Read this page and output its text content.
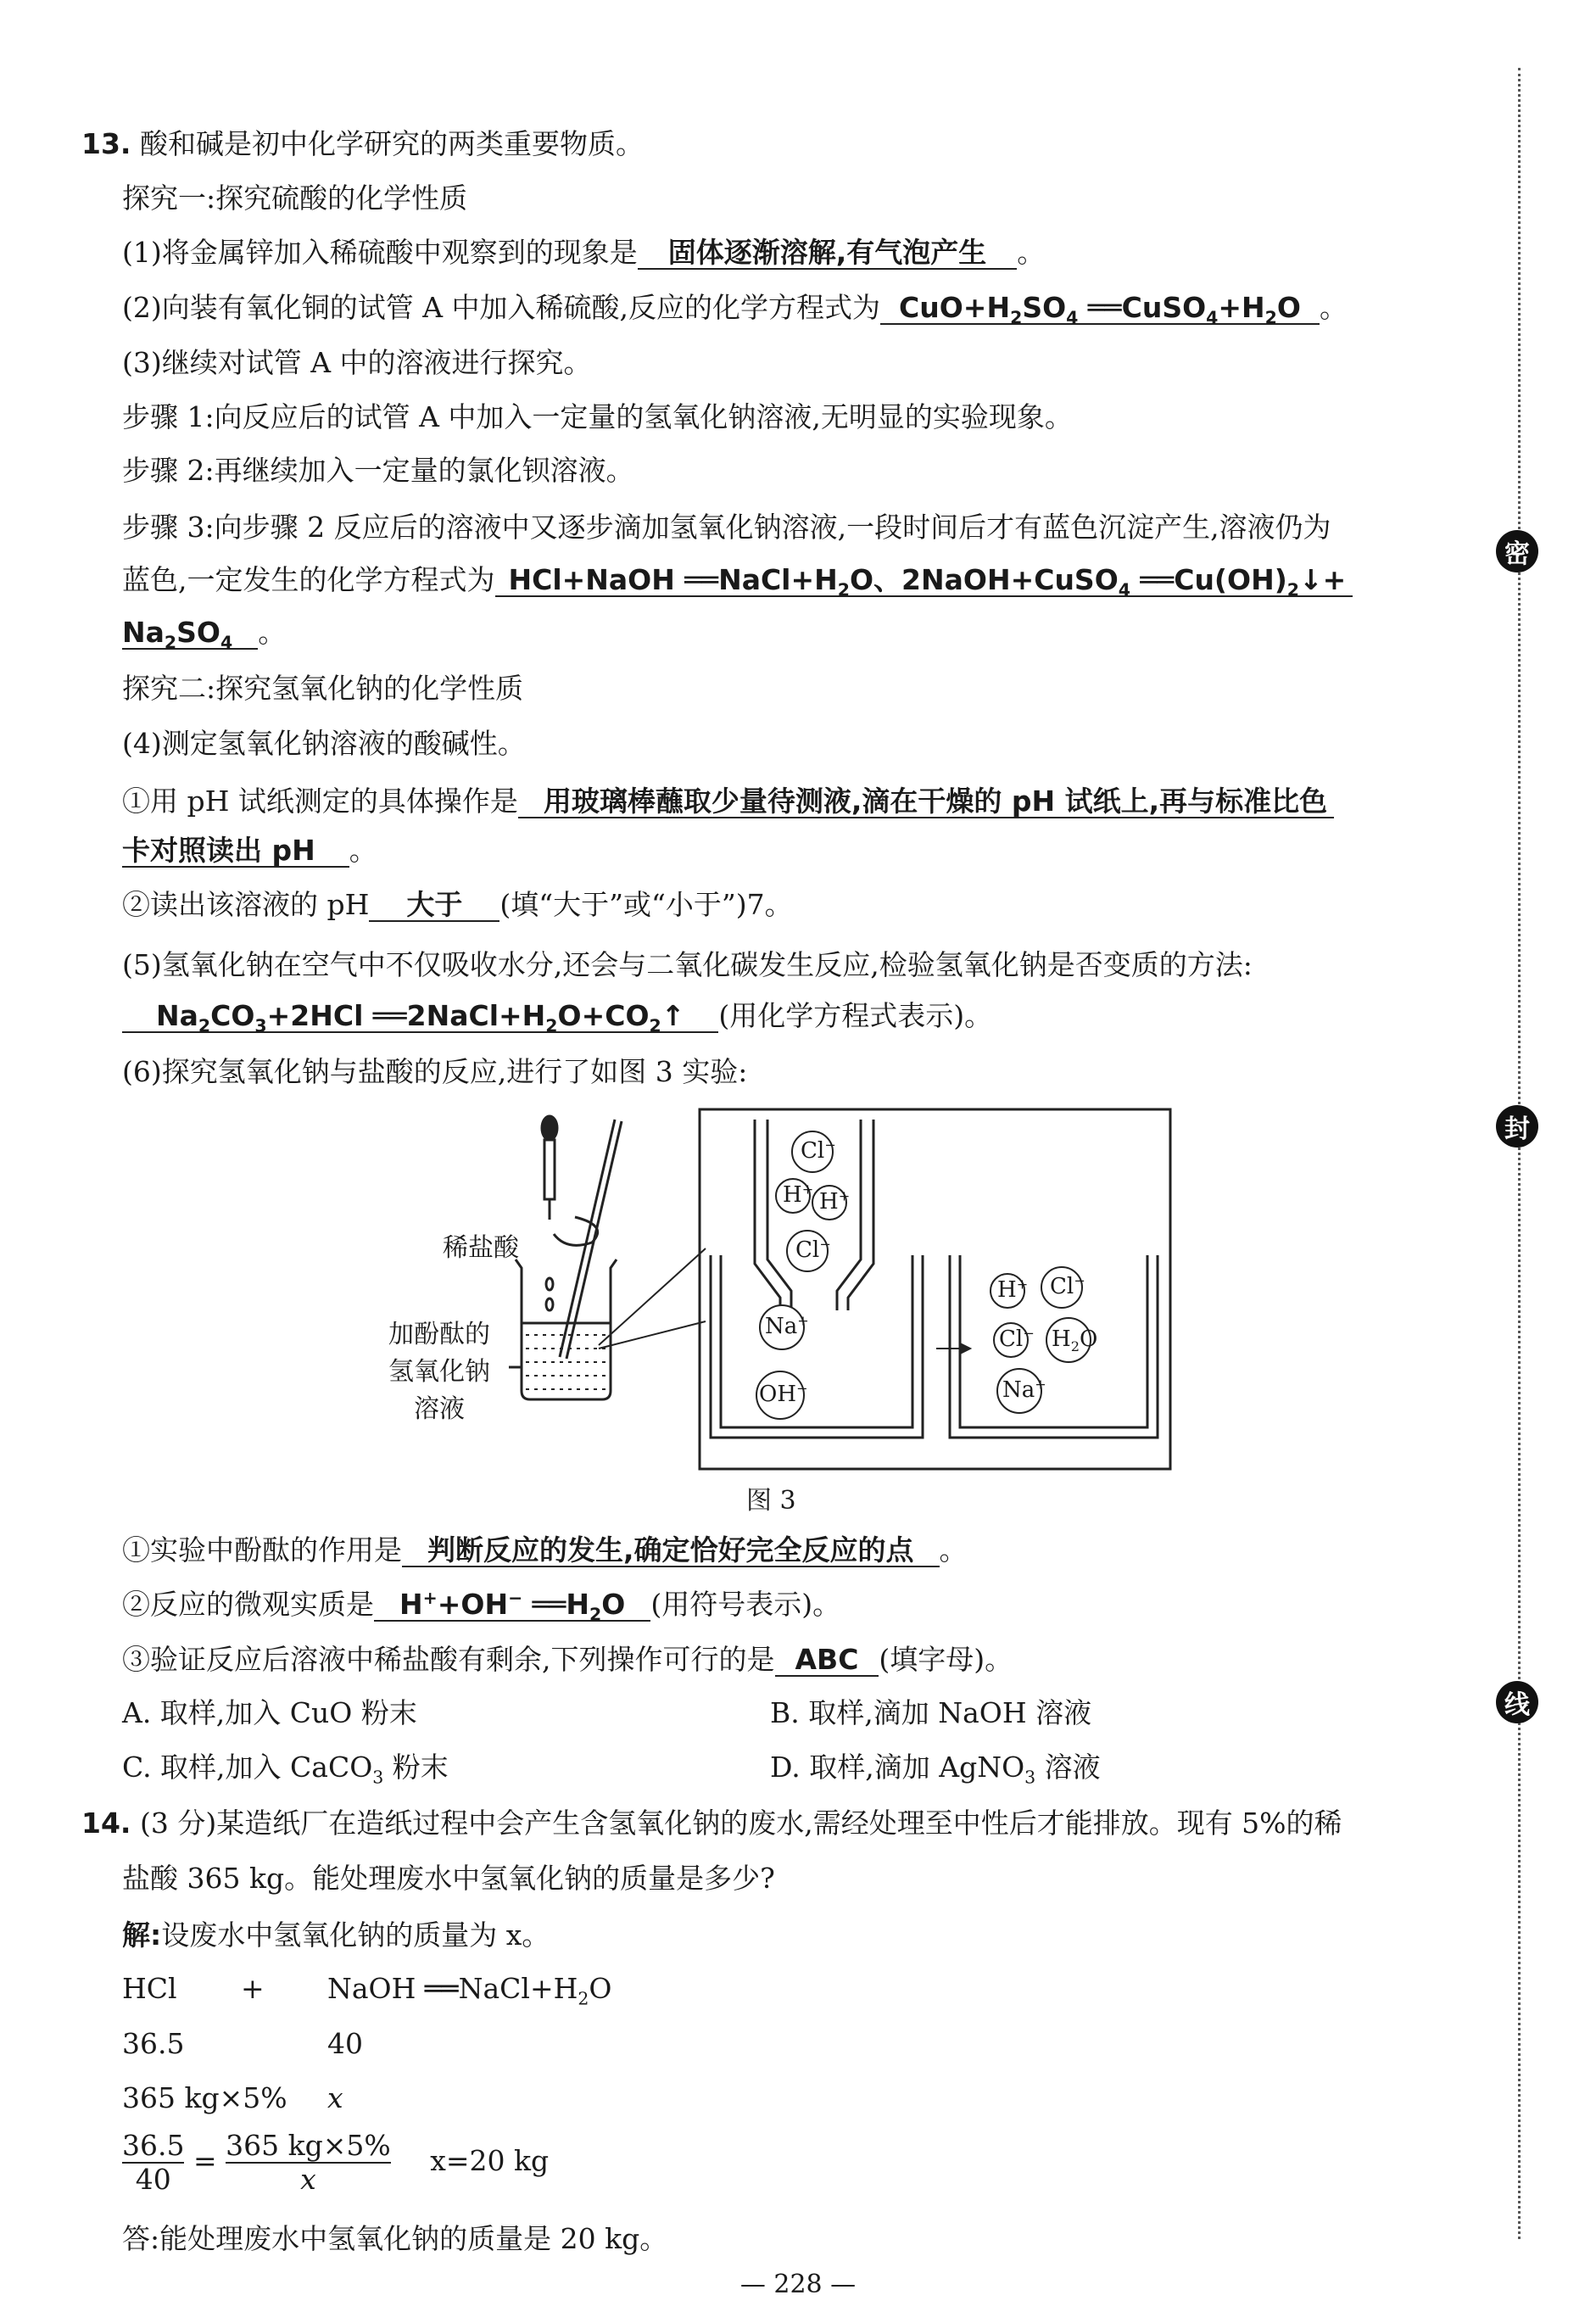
13. 酸和碱是初中化学研究的两类重要物质。
探究一:探究硫酸的化学性质
(1)将金属锌加入稀硫酸中观察到的现象是 固体逐渐溶解,有气泡产生 。
(2)向装有氧化铜的试管 A 中加入稀硫酸,反应的化学方程式为 $CuO+H_2SO_4$ $══CuSO_4+H_2O$ 。
(3)继续对试管 A 中的溶液进行探究。
步骤 1:向反应后的试管 A 中加入一定量的氢氧化钠溶液,无明显的实验现象。
步骤 2:再继续加入一定量的氯化钡溶液。
步骤 3:向步骤 2 反应后的溶液中又逐步滴加氢氧化钠溶液,一段时间后才有蓝色沉淀产生,溶液仍为
蓝色,一定发生的化学方程式为 HCl+NaOH $══NaCl+H_2O$、2NaOH+CuSO$_4$ $══Cu(OH)_2↓+$
$Na_2SO_4$ 。
探究二:探究氢氧化钠的化学性质
(4)测定氢氧化钠溶液的酸碱性。
①用 pH 试纸测定的具体操作是 用玻璃棒蘸取少量待测液,滴在干燥的 pH 试纸上,再与标准比色
卡对照读出 pH 。
②读出该溶液的 pH 大于 (填“大于”或“小于”)7。
(5)氢氧化钠在空气中不仅吸收水分,还会与二氧化碳发生反应,检验氢氧化钠是否变质的方法:
$Na_2CO_3+2HCl$ $══2NaCl+H_2O+CO_2↑$ (用化学方程式表示)。
(6)探究氢氧化钠与盐酸的反应,进行了如图 3 实验:
Cl−
H+
H+
Cl−
Na+
OH−
H+ Cl−
Cl− $H_2O$
Na+
稀盐酸
加酚酞的
氢氧化钠
溶液
图 3
①实验中酚酞的作用是 判断反应的发生,确定恰好完全反应的点 。
②反应的微观实质是 H++OH− $══H_2O$ (用符号表示)。
③验证反应后溶液中稀盐酸有剩余,下列操作可行的是 ABC (填字母)。
A. 取样,加入 CuO 粉末	B. 取样,滴加 NaOH 溶液
C. 取样,加入 CaCO$_3$ 粉末	D. 取样,滴加 AgNO$_3$ 溶液
14. (3 分)某造纸厂在造纸过程中会产生含氢氧化钠的废水,需经处理至中性后才能排放。现有 5%的稀
盐酸 365 kg。能处理废水中氢氧化钠的质量是多少?
解:设废水中氢氧化钠的质量为 x。
HCl + NaOH $══NaCl+H_2O$
36.5	40
365 kg×5% x
$\frac{36.5}{40} = \frac{365 kg\times 5\%}{x} x=20$ kg
答:能处理废水中氢氧化钠的质量是 20 kg。
— 228 —
密
封
线
